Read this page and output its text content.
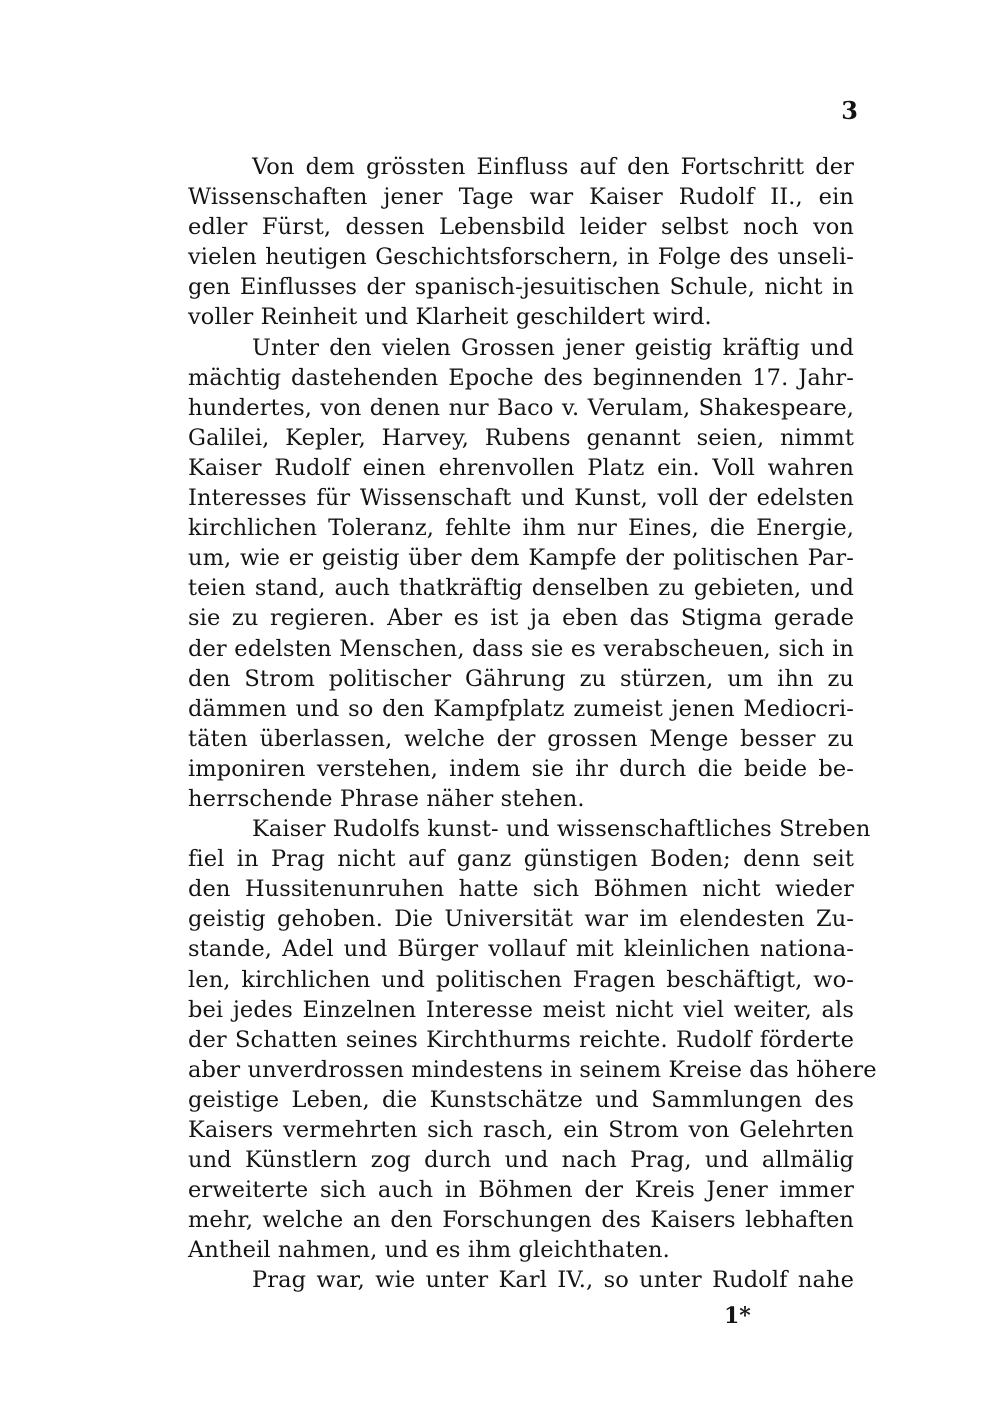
3
Von dem grössten Einfluss auf den Fortschritt der
Wissenschaften jener Tage war Kaiser Rudolf II., ein
edler Fürst, dessen Lebensbild leider selbst noch von
vielen heutigen Geschichtsforschern, in Folge des unseli-
gen Einflusses der spanisch-jesuitischen Schule, nicht in
voller Reinheit und Klarheit geschildert wird.
Unter den vielen Grossen jener geistig kräftig und
mächtig dastehenden Epoche des beginnenden 17. Jahr-
hundertes, von denen nur Baco v. Verulam, Shakespeare,
Galilei, Kepler, Harvey, Rubens genannt seien, nimmt
Kaiser Rudolf einen ehrenvollen Platz ein. Voll wahren
Interesses für Wissenschaft und Kunst, voll der edelsten
kirchlichen Toleranz, fehlte ihm nur Eines, die Energie,
um, wie er geistig über dem Kampfe der politischen Par-
teien stand, auch thatkräftig denselben zu gebieten, und
sie zu regieren. Aber es ist ja eben das Stigma gerade
der edelsten Menschen, dass sie es verabscheuen, sich in
den Strom politischer Gährung zu stürzen, um ihn zu
dämmen und so den Kampfplatz zumeist jenen Mediocri-
täten überlassen, welche der grossen Menge besser zu
imponiren verstehen, indem sie ihr durch die beide be-
herrschende Phrase näher stehen.
Kaiser Rudolfs kunst- und wissenschaftliches Streben
fiel in Prag nicht auf ganz günstigen Boden; denn seit
den Hussitenunruhen hatte sich Böhmen nicht wieder
geistig gehoben. Die Universität war im elendesten Zu-
stande, Adel und Bürger vollauf mit kleinlichen nationa-
len, kirchlichen und politischen Fragen beschäftigt, wo-
bei jedes Einzelnen Interesse meist nicht viel weiter, als
der Schatten seines Kirchthurms reichte. Rudolf förderte
aber unverdrossen mindestens in seinem Kreise das höhere
geistige Leben, die Kunstschätze und Sammlungen des
Kaisers vermehrten sich rasch, ein Strom von Gelehrten
und Künstlern zog durch und nach Prag, und allmälig
erweiterte sich auch in Böhmen der Kreis Jener immer
mehr, welche an den Forschungen des Kaisers lebhaften
Antheil nahmen, und es ihm gleichthaten.
Prag war, wie unter Karl IV., so unter Rudolf nahe
1*
